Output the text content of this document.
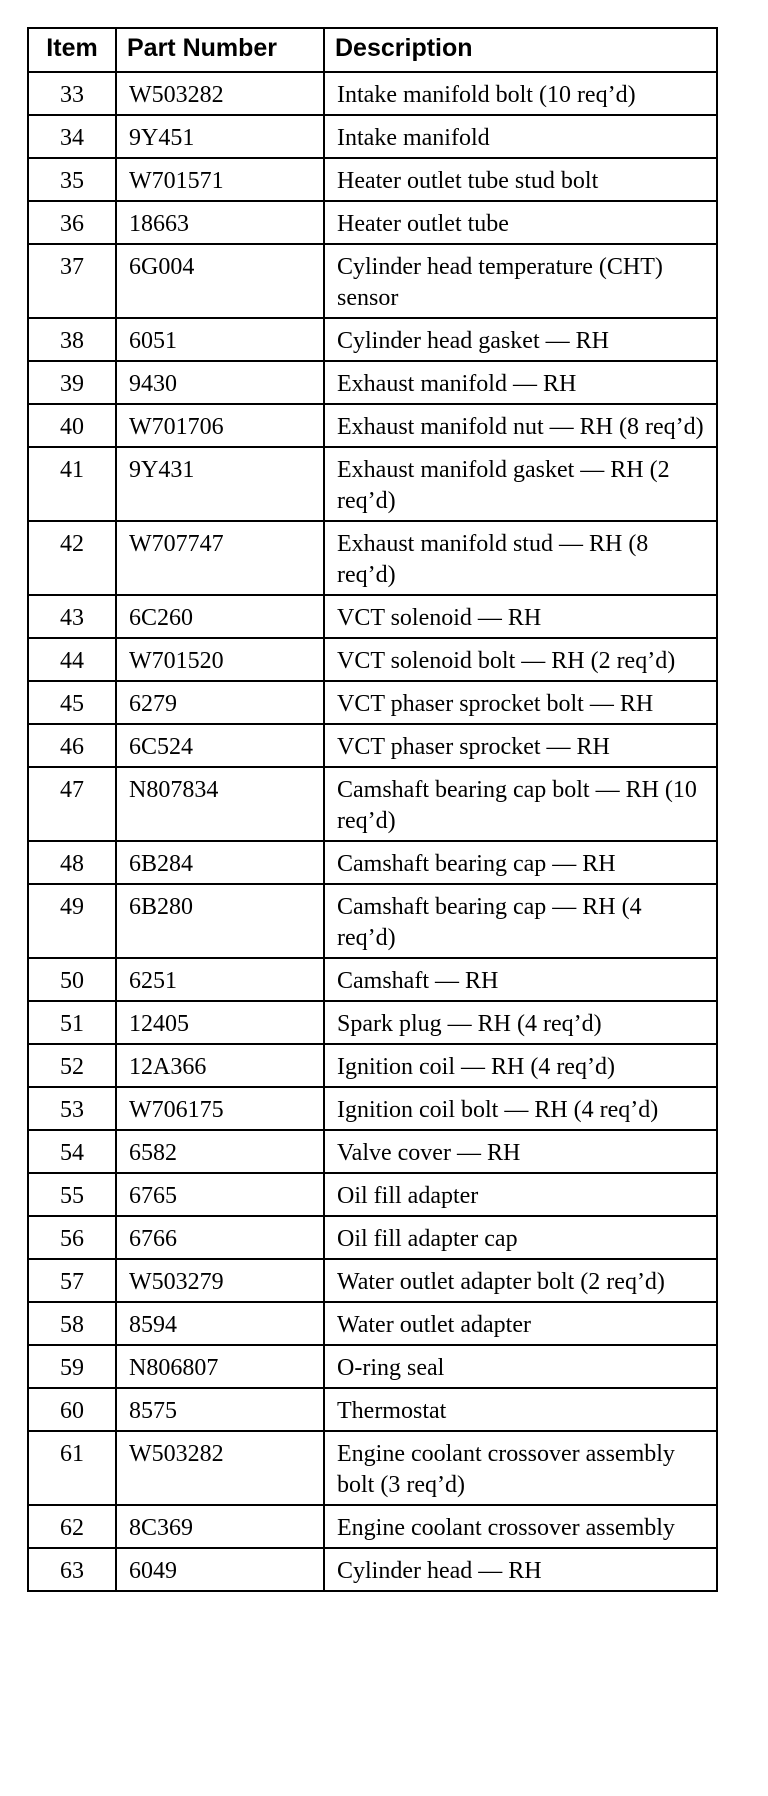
Item	Part Number	Description
33	W503282	Intake manifold bolt (10 req’d)
34	9Y451	Intake manifold
35	W701571	Heater outlet tube stud bolt
36	18663	Heater outlet tube
37	6G004	Cylinder head temperature (CHT) sensor
38	6051	Cylinder head gasket — RH
39	9430	Exhaust manifold — RH
40	W701706	Exhaust manifold nut — RH (8 req’d)
41	9Y431	Exhaust manifold gasket — RH (2 req’d)
42	W707747	Exhaust manifold stud — RH (8 req’d)
43	6C260	VCT solenoid — RH
44	W701520	VCT solenoid bolt — RH (2 req’d)
45	6279	VCT phaser sprocket bolt — RH
46	6C524	VCT phaser sprocket — RH
47	N807834	Camshaft bearing cap bolt — RH (10 req’d)
48	6B284	Camshaft bearing cap — RH
49	6B280	Camshaft bearing cap — RH (4 req’d)
50	6251	Camshaft — RH
51	12405	Spark plug — RH (4 req’d)
52	12A366	Ignition coil — RH (4 req’d)
53	W706175	Ignition coil bolt — RH (4 req’d)
54	6582	Valve cover — RH
55	6765	Oil fill adapter
56	6766	Oil fill adapter cap
57	W503279	Water outlet adapter bolt (2 req’d)
58	8594	Water outlet adapter
59	N806807	O-ring seal
60	8575	Thermostat
61	W503282	Engine coolant crossover assembly bolt (3 req’d)
62	8C369	Engine coolant crossover assembly
63	6049	Cylinder head — RH
